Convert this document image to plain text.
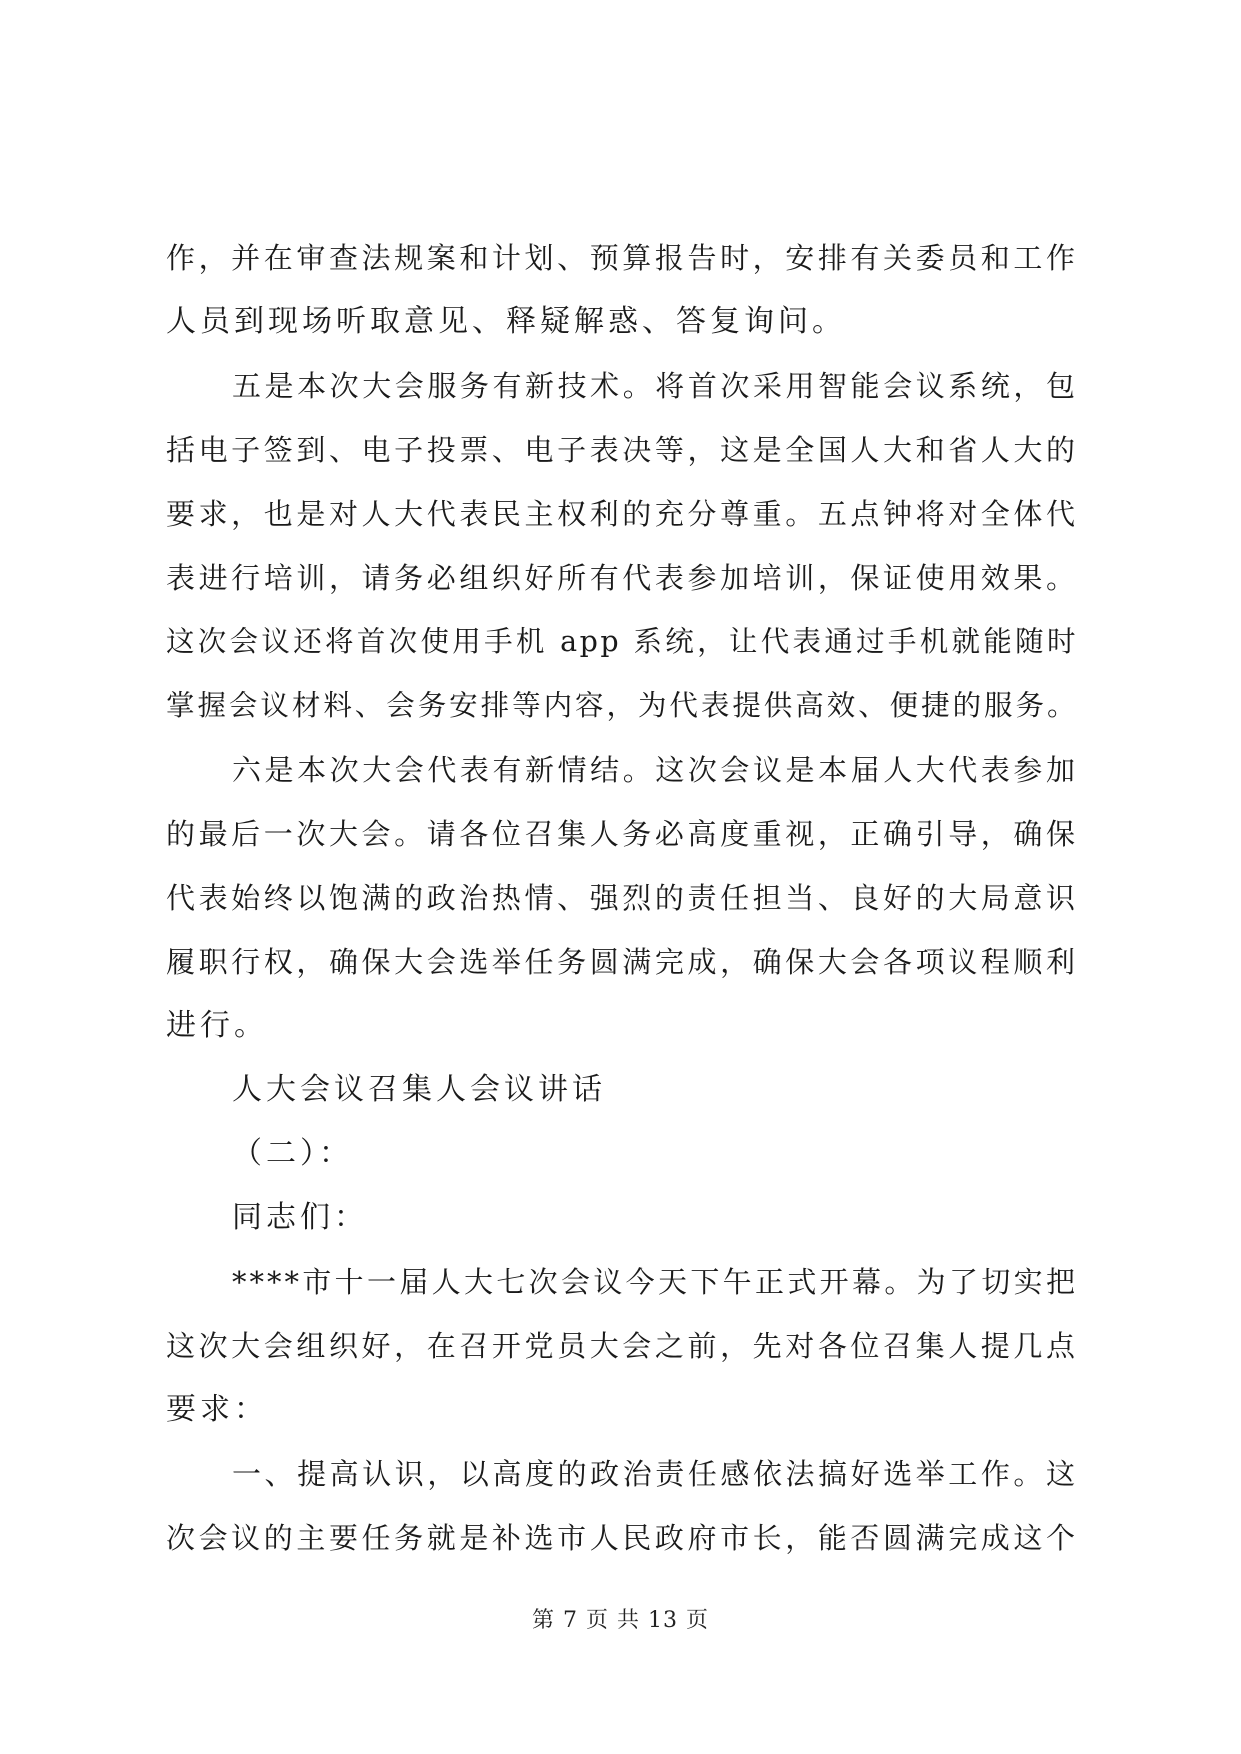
作，并在审查法规案和计划、预算报告时，安排有关委员和工作
人员到现场听取意见、释疑解惑、答复询问。
五是本次大会服务有新技术。将首次采用智能会议系统，包
括电子签到、电子投票、电子表决等，这是全国人大和省人大的
要求，也是对人大代表民主权利的充分尊重。五点钟将对全体代
表进行培训，请务必组织好所有代表参加培训，保证使用效果。
这次会议还将首次使用手机 app 系统，让代表通过手机就能随时
掌握会议材料、会务安排等内容，为代表提供高效、便捷的服务。
六是本次大会代表有新情结。这次会议是本届人大代表参加
的最后一次大会。请各位召集人务必高度重视，正确引导，确保
代表始终以饱满的政治热情、强烈的责任担当、良好的大局意识
履职行权，确保大会选举任务圆满完成，确保大会各项议程顺利
进行。
人大会议召集人会议讲话
（二）：
同志们：
****市十一届人大七次会议今天下午正式开幕。为了切实把
这次大会组织好，在召开党员大会之前，先对各位召集人提几点
要求：
一、提高认识，以高度的政治责任感依法搞好选举工作。这
次会议的主要任务就是补选市人民政府市长，能否圆满完成这个
第 7 页 共 13 页
